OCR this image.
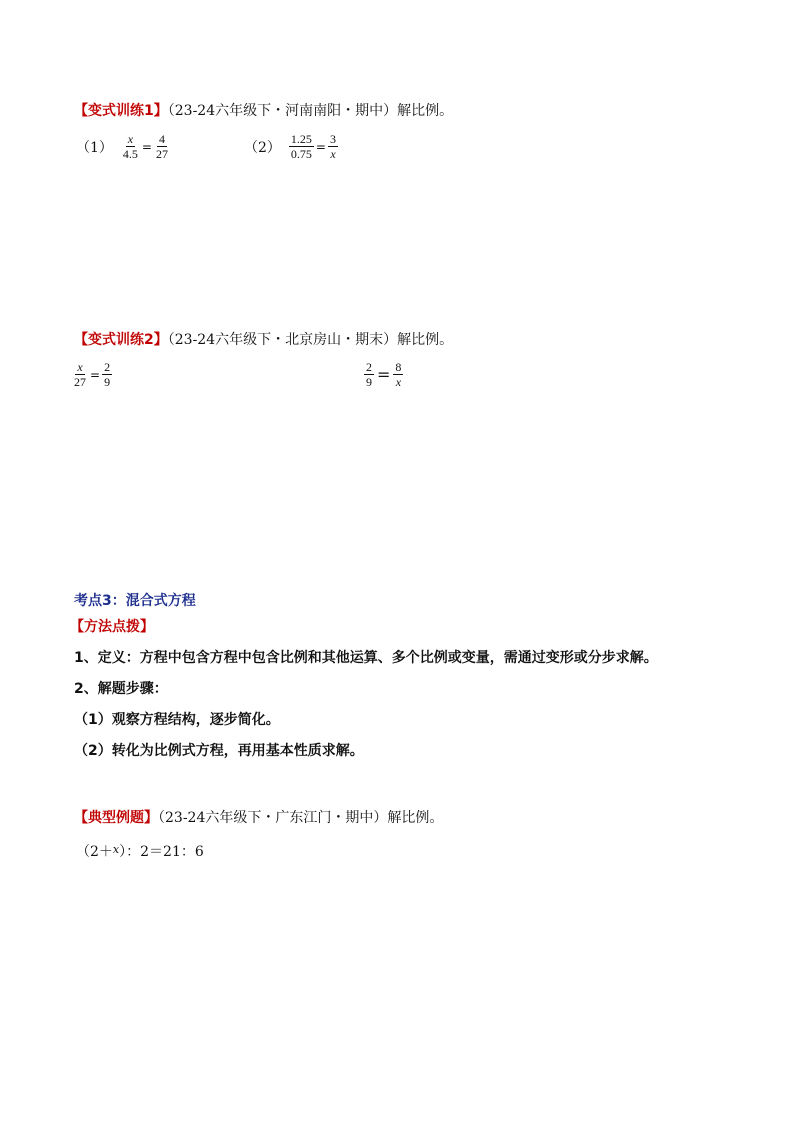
【变式训练1】（23-24六年级下・河南南阳・期中）解比例。
$(1) \frac{x}{4.5} = \frac{4}{27}$	$(2) \frac{1.25}{0.75} = \frac{3}{x}$
【变式训练2】（23-24六年级下・北京房山・期末）解比例。
$\frac{x}{27} = \frac{2}{9}$	$\frac{2}{9} = \frac{8}{x}$
考点3：混合式方程
【方法点拨】
1、定义：方程中包含方程中包含比例和其他运算、多个比例或变量，需通过变形或分步求解。
2、解题步骤：
（1）观察方程结构，逐步简化。
（2）转化为比例式方程，再用基本性质求解。
【典型例题】（23-24六年级下・广东江门・期中）解比例。
（2＋$^x$）：2＝21：6
